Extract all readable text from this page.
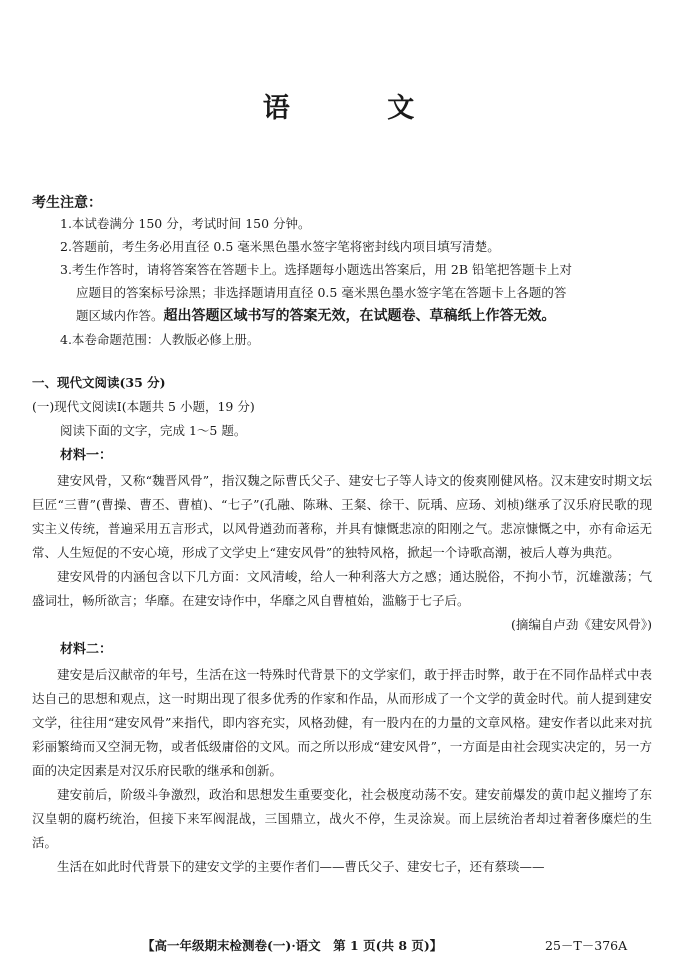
语 文
考生注意：
1.本试卷满分 150 分，考试时间 150 分钟。
2.答题前，考生务必用直径 0.5 毫米黑色墨水签字笔将密封线内项目填写清楚。
3.考生作答时，请将答案答在答题卡上。选择题每小题选出答案后，用 2B 铅笔把答题卡上对
应题目的答案标号涂黑；非选择题请用直径 0.5 毫米黑色墨水签字笔在答题卡上各题的答
题区域内作答。超出答题区域书写的答案无效，在试题卷、草稿纸上作答无效。
4.本卷命题范围：人教版必修上册。
一、现代文阅读(35 分)
(一)现代文阅读Ⅰ(本题共 5 小题，19 分)
阅读下面的文字，完成 1～5 题。
材料一：

建安风骨，又称“魏晋风骨”，指汉魏之际曹氏父子、建安七子等人诗文的俊爽刚健风格。汉末建安时期文坛巨匠“三曹”(曹操、曹丕、曹植)、“七子”(孔融、陈琳、王粲、徐干、阮瑀、应玚、刘桢)继承了汉乐府民歌的现实主义传统，普遍采用五言形式，以风骨遒劲而著称，并具有慷慨悲凉的阳刚之气。悲凉慷慨之中，亦有命运无常、人生短促的不安心境，形成了文学史上“建安风骨”的独特风格，掀起一个诗歌高潮，被后人尊为典范。

建安风骨的内涵包含以下几方面：文风清峻，给人一种利落大方之感；通达脱俗，不拘小节，沉雄激荡；气盛词壮，畅所欲言；华靡。在建安诗作中，华靡之风自曹植始，滥觞于七子后。

(摘编自卢劲《建安风骨》)
材料二：

建安是后汉献帝的年号，生活在这一特殊时代背景下的文学家们，敢于抨击时弊，敢于在不同作品样式中表达自己的思想和观点，这一时期出现了很多优秀的作家和作品，从而形成了一个文学的黄金时代。前人提到建安文学，往往用“建安风骨”来指代，即内容充实，风格劲健，有一股内在的力量的文章风格。建安作者以此来对抗彩丽繁绮而又空洞无物，或者低级庸俗的文风。而之所以形成“建安风骨”，一方面是由社会现实决定的，另一方面的决定因素是对汉乐府民歌的继承和创新。

建安前后，阶级斗争激烈，政治和思想发生重要变化，社会极度动荡不安。建安前爆发的黄巾起义摧垮了东汉皇朝的腐朽统治，但接下来军阀混战，三国鼎立，战火不停，生灵涂炭。而上层统治者却过着奢侈糜烂的生活。

生活在如此时代背景下的建安文学的主要作者们——曹氏父子、建安七子，还有蔡琰——

【高一年级期末检测卷(一)·语文　第 1 页(共 8 页)】	25－T－376A
